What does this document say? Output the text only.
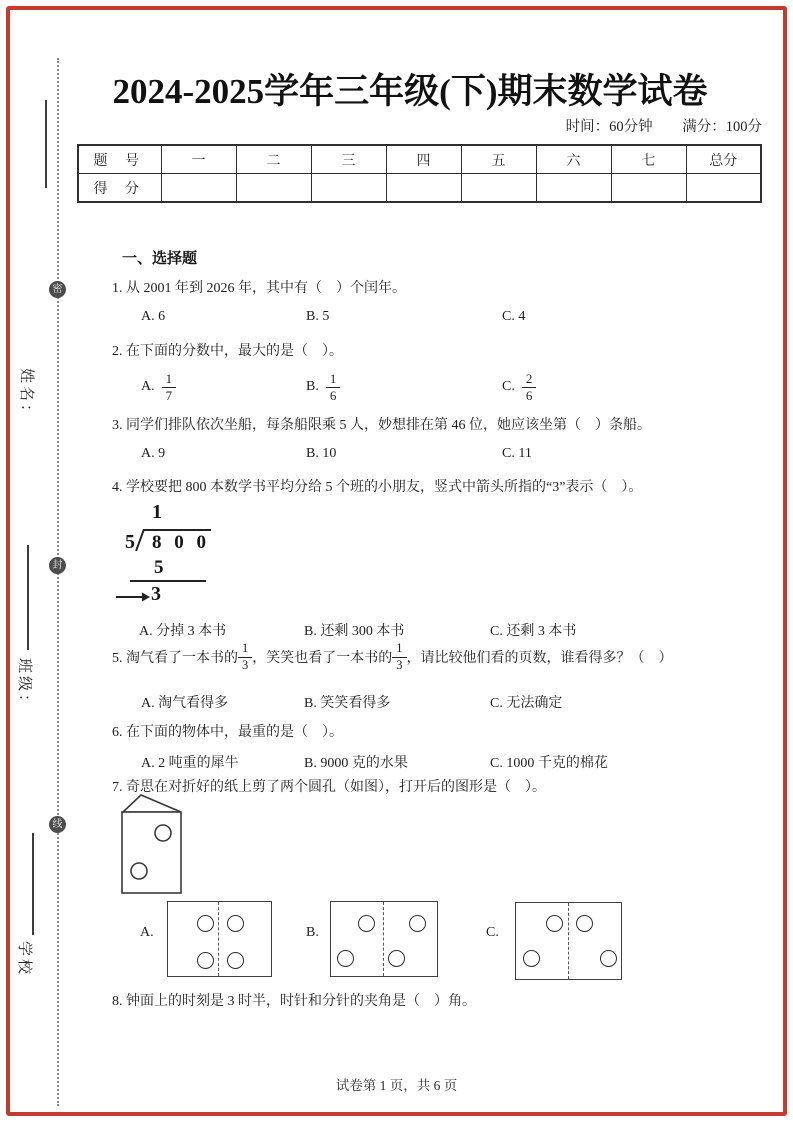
密
封
线
姓名：
班级：
学校
2024-2025学年三年级(下)期末数学试卷
时间：60分钟 满分：100分
题 号	一	二	三	四	五	六	七	总分
得 分								
一、选择题
1. 从 2001 年到 2026 年，其中有（　）个闰年。
A. 6	B. 5	C. 4
2. 在下面的分数中，最大的是（　）。
A. $\frac{1}{7}$	B. $\frac{1}{6}$	C. $\frac{2}{6}$
3. 同学们排队依次坐船，每条船限乘 5 人，妙想排在第 46 位，她应该坐第（　）条船。
A. 9	B. 10	C. 11
4. 学校要把 800 本数学书平均分给 5 个班的小朋友，竖式中箭头所指的“3”表示（　）。
1
5 8 0 0
5
3
A. 分掉 3 本书	B. 还剩 300 本书	C. 还剩 3 本书
5. 淘气看了一本书的 $\frac{1}{3}$ ，笑笑也看了一本书的 $\frac{1}{3}$ ，请比较他们看的页数，谁看得多？（　）
A. 淘气看得多	B. 笑笑看得多	C. 无法确定
6. 在下面的物体中，最重的是（　）。
A. 2 吨重的犀牛	B. 9000 克的水果	C. 1000 千克的棉花
7. 奇思在对折好的纸上剪了两个圆孔（如图），打开后的图形是（　）。
A.	B.	C.
8. 钟面上的时刻是 3 时半，时针和分针的夹角是（　）角。
试卷第 1 页，共 6 页
